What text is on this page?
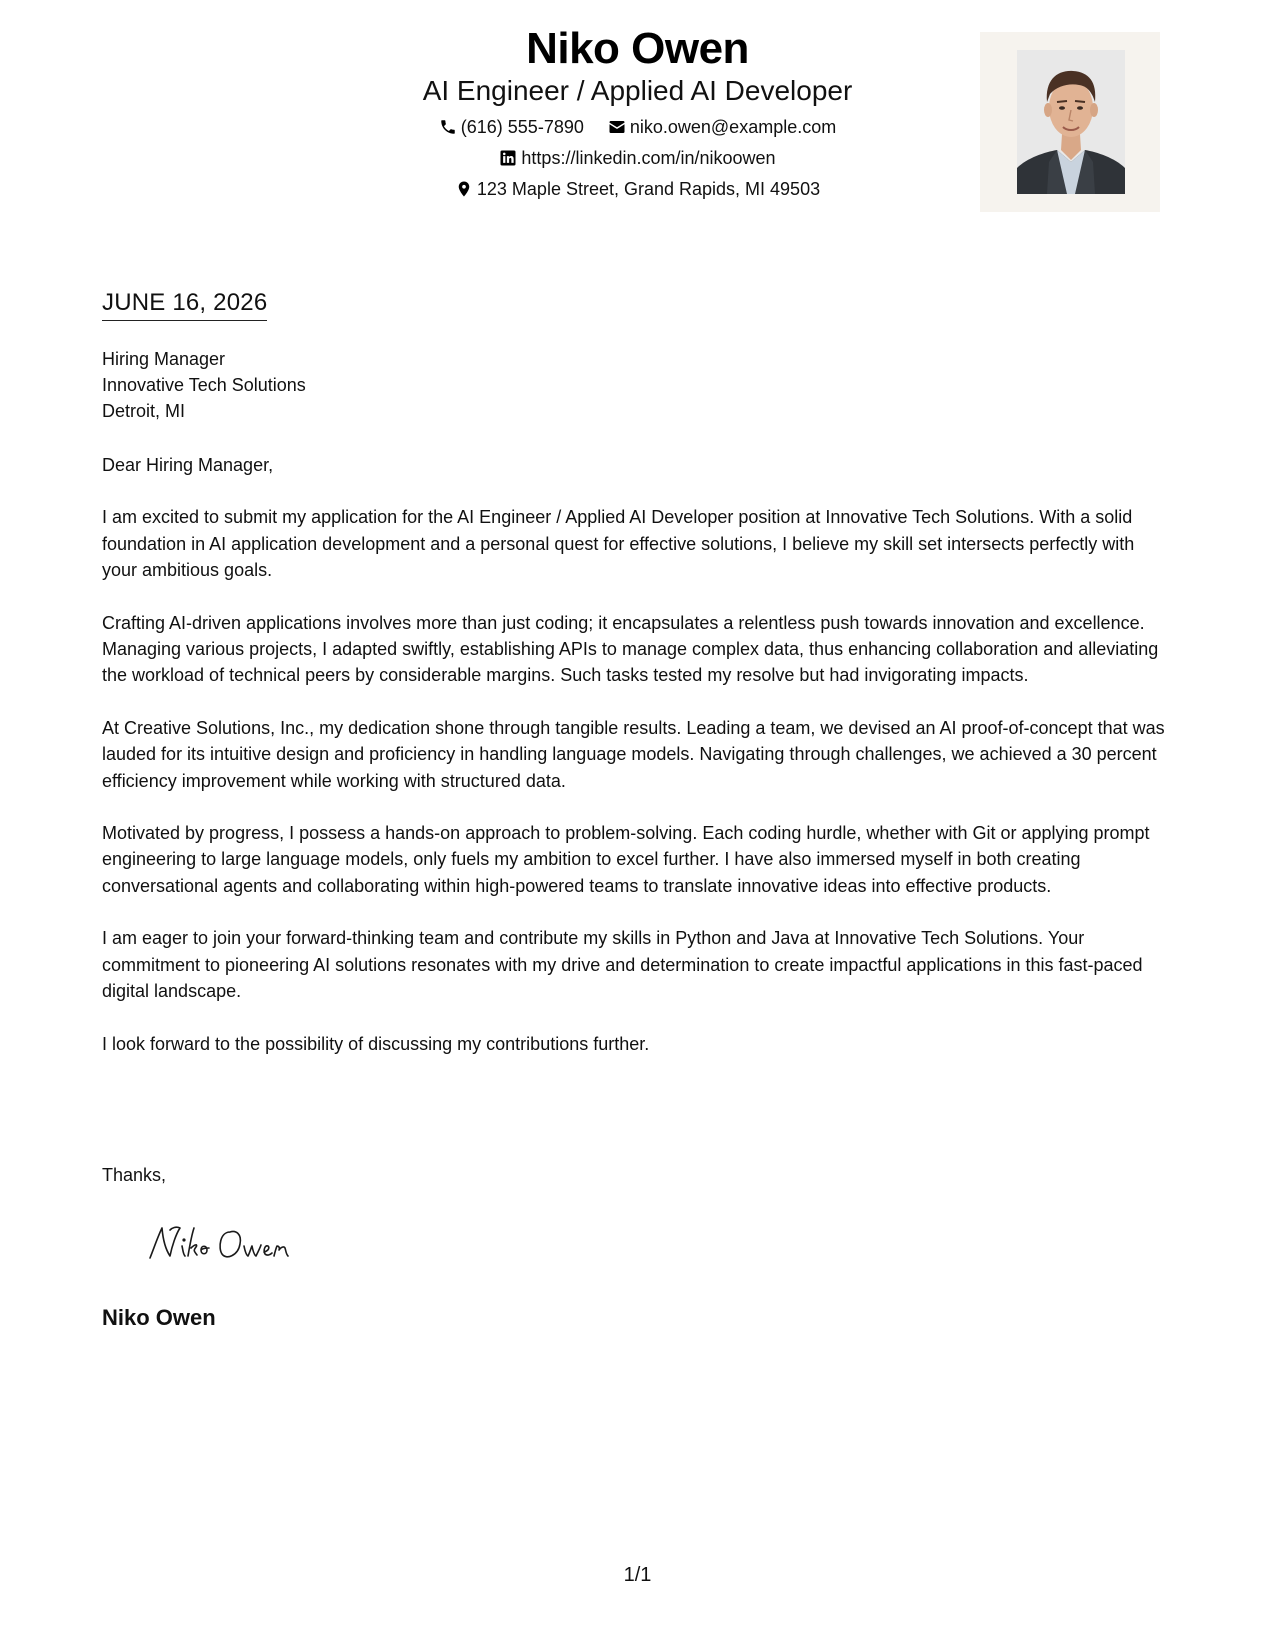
Niko Owen
AI Engineer / Applied AI Developer
(616) 555-7890	niko.owen@example.com
https://linkedin.com/in/nikoowen
123 Maple Street, Grand Rapids, MI 49503
JUNE 16, 2026
Hiring Manager
Innovative Tech Solutions
Detroit, MI

Dear Hiring Manager,

I am excited to submit my application for the AI Engineer / Applied AI Developer position at Innovative Tech Solutions. With a solid foundation in AI application development and a personal quest for effective solutions, I believe my skill set intersects perfectly with your ambitious goals.

Crafting AI-driven applications involves more than just coding; it encapsulates a relentless push towards innovation and excellence. Managing various projects, I adapted swiftly, establishing APIs to manage complex data, thus enhancing collaboration and alleviating the workload of technical peers by considerable margins. Such tasks tested my resolve but had invigorating impacts.

At Creative Solutions, Inc., my dedication shone through tangible results. Leading a team, we devised an AI proof-of-concept that was lauded for its intuitive design and proficiency in handling language models. Navigating through challenges, we achieved a 30 percent efficiency improvement while working with structured data.

Motivated by progress, I possess a hands-on approach to problem-solving. Each coding hurdle, whether with Git or applying prompt engineering to large language models, only fuels my ambition to excel further. I have also immersed myself in both creating conversational agents and collaborating within high-powered teams to translate innovative ideas into effective products.

I am eager to join your forward-thinking team and contribute my skills in Python and Java at Innovative Tech Solutions. Your commitment to pioneering AI solutions resonates with my drive and determination to create impactful applications in this fast-paced digital landscape.

I look forward to the possibility of discussing my contributions further.

Thanks,
Niko Owen
1/1
